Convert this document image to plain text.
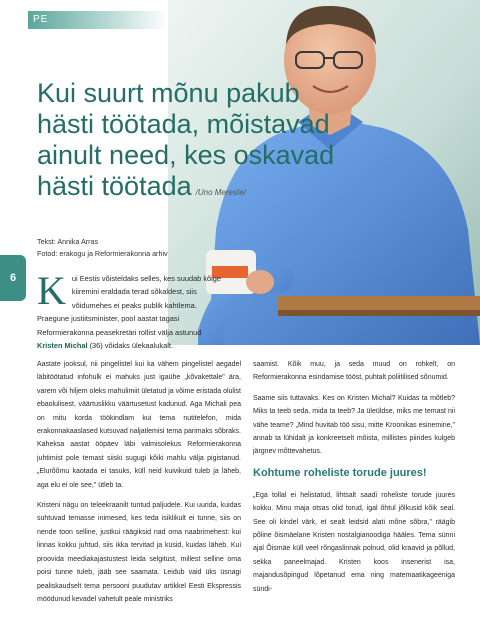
PE
6
Kui suurt mõnu pakub hästi töötada, mõistavad ainult need, kes oskavad hästi töötada /Uno Mereste/
Tekst: Annika Arras
Fotod: erakogu ja Reformierakonna arhiv
Kui Eestis võisteldaks selles, kes suudab kõige kiiremini eraldada terad sõkaldest, siis võidumehes ei peaks publik kahtlema. Praegune justiitsminister, pool aastat tagasi Reformierakonna peasekretäri rollist välja astunud Kristen Michal (36) võidaks ülekaalukalt.

Aastate jooksul, nii pingelistel kui ka vähem pingelistel aegadel läbitöötatud infohulk ei mahuks just igaühe „kõvakettale" ära, varem või hiljem oleks mahulimiit ületatud ja võime eristada olulist ebaolulisest, väärtuslikku väärtusetust kadunud. Aga Michali pea on mitu korda töökindlam kui tema nutitelefon, mida erakonnakaaslased kutsuvad naljatlemisi tema parimaks sõbraks. Kaheksa aastat ööpäev läbi valmisolekus Reformierakonna juhtimist pole temast siiski sugugi kõiki mahlu välja pigistanud. „Elurõõmu kaotada ei tasuks, küll neid kuivikuid tuleb ja läheb, aga elu ei ole see," ütleb ta.

Kristeni nägu on teleekraanilt tuntud paljudele. Kui uurida, kuidas suhtuvad temasse inimesed, kes teda isiklikult ei tunne, siis on nende toon selline, justkui räägiksid nad oma naabrimehest: kui linnas kokku juhtud, siis ikka tervitad ja küsid, kuidas läheb. Kui proovida meediakajastustest leida selgitust, millest selline oma poisi tunne tuleb, jääb see saamata. Leidub vaid üks üsnagi pealiskaudselt tema persooni puudutav artikkel Eesti Ekspressis möödunud kevadel vahetult peale ministriks

saamist. Kõik muu, ja seda muud on rohkelt, on Reformierakonna esindamise tööst, puhtalt poliitilised sõnumid.

Saame siis tuttavaks. Kes on Kristen Michal? Kuidas ta mõtleb? Miks ta teeb seda, mida ta teeb? Ja üleüldse, miks me temast nii vähe teame? „Mind huvitab töö sisu, mitte Kroonikas esinemine," annab ta lühidalt ja konkreetselt mõista, millistes piirides kulgeb järgnev mõttevahetus.

Kohtume roheliste torude juures!

„Ega tollal ei helistatud, lihtsalt saadi roheliste torude juures kokku. Minu maja otsas olid torud, igal õhtul jõlkusid kõik seal. See oli kindel värk, et sealt leidsid alati mõne sõbra," räägib põline õismäelane Kristen nostalgianoodiga hääles. Tema sünni ajal Õismäe küll veel rõngaslinnak polnud, olid kraavid ja põllud, sekka paneelmajad. Kristen koos insenerist isa, majandusõpingud lõpetanud ema ning matemaatikageeniga sündi-
